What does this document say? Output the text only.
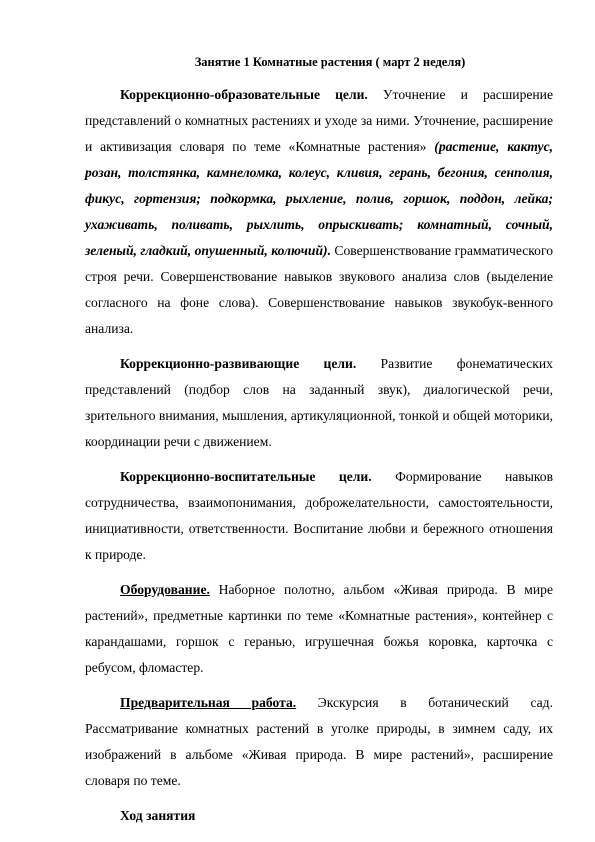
Занятие 1 Комнатные растения ( март 2 неделя)

Коррекционно-образовательные цели. Уточнение и расширение представлений о комнатных растениях и уходе за ними. Уточнение, расширение и активизация словаря по теме «Комнатные растения» (растение, кактус, розан, толстянка, камнеломка, колеус, кливия, герань, бегония, сенполия, фикус, гортензия; подкормка, рыхление, полив, горшок, поддон, лейка; ухаживать, поливать, рыхлить, опрыскивать; комнатный, сочный, зеленый, гладкий, опушенный, колючий). Совершенствование грамматического строя речи. Совершенствование навыков звукового анализа слов (выделение согласного на фоне слова). Совершенствование навыков звукобук-венного анализа.

Коррекционно-развивающие цели. Развитие фонематических представлений (подбор слов на заданный звук), диалогической речи, зрительного внимания, мышления, артикуляционной, тонкой и общей моторики, координации речи с движением.

Коррекционно-воспитательные цели. Формирование навыков сотрудничества, взаимопонимания, доброжелательности, самостоятельности, инициативности, ответственности. Воспитание любви и бережного отношения к природе.

Оборудование. Наборное полотно, альбом «Живая природа. В мире растений», предметные картинки по теме «Комнатные растения», контейнер с карандашами, горшок с геранью, игрушечная божья коровка, карточка с ребусом, фломастер.

Предварительная работа. Экскурсия в ботанический сад. Рассматривание комнатных растений в уголке природы, в зимнем саду, их изображений в альбоме «Живая природа. В мире растений», расширение словаря по теме.

Ход занятия
